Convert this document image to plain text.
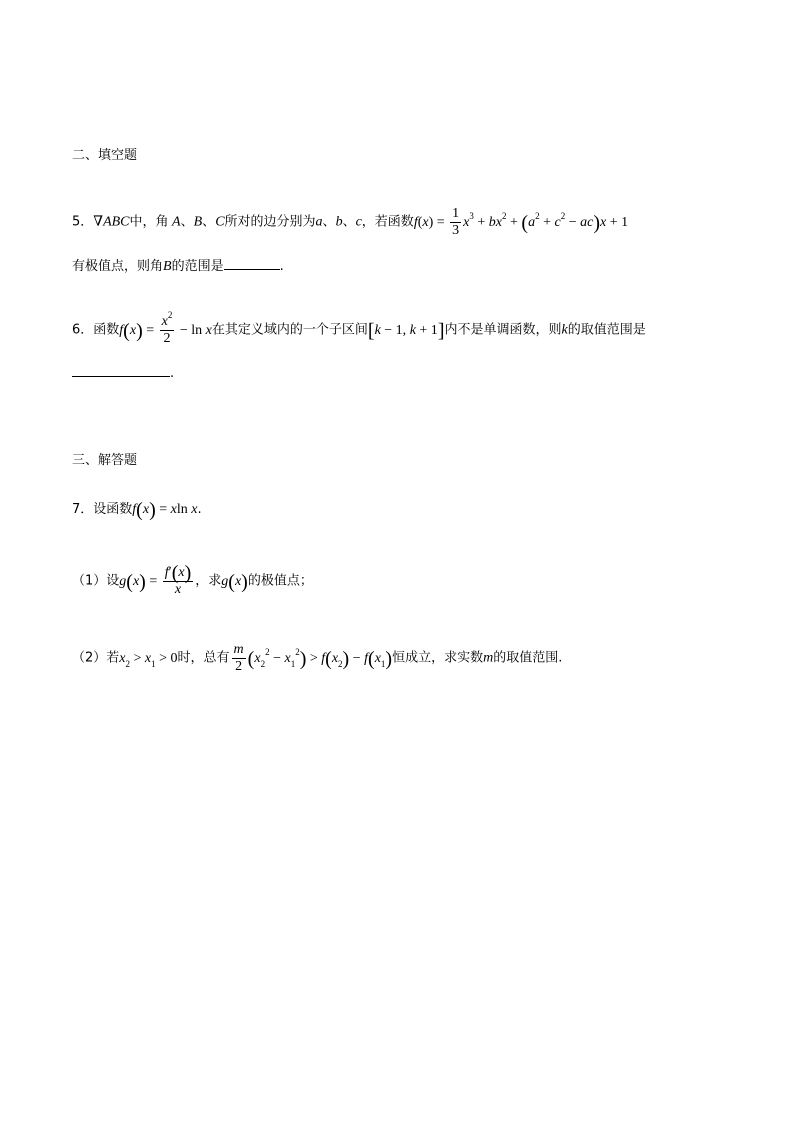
二、填空题
5．∇ABC中，角 A、B、C所对的边分别为a、b、c，若函数$f(x) = \frac{1}{3} x^3 + bx^2 + (a^2 + c^2 - ac)x + 1$
有极值点，则角B的范围是	.
6．函数$f(x) = \frac{x^2}{2} - \ln x$在其定义域内的一个子区间[k − 1, k + 1]内不是单调函数，则k的取值范围是
.
三、解答题
7．设函数f(x) = xln x.
（1）设$g(x) = \frac{f'(x)}{x}$ ，求g(x)的极值点；
（2）若$x_2 > x_1 > 0$时，总有 $\frac{m}{2} (x_2^2 - x_1^2) > f(x_2) - f(x_1)$恒成立，求实数m的取值范围.
